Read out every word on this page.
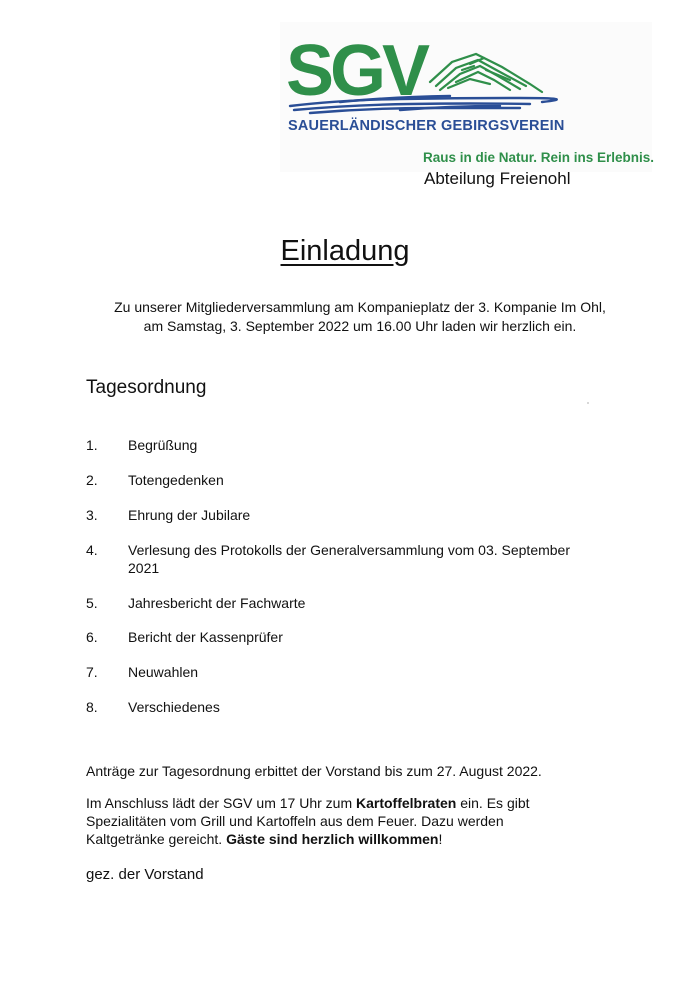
SGV
SAUERLÄNDISCHER GEBIRGSVEREIN
Raus in die Natur. Rein ins Erlebnis.
Abteilung Freienohl
Einladung

Zu unserer Mitgliederversammlung am Kompanieplatz der 3. Kompanie Im Ohl,

am Samstag, 3. September 2022 um 16.00 Uhr laden wir herzlich ein.

Tagesordnung
1. Begrüßung
2. Totengedenken
3. Ehrung der Jubilare
4. Verlesung des Protokolls der Generalversammlung vom 03. September 2021
5. Jahresbericht der Fachwarte
6. Bericht der Kassenprüfer
7. Neuwahlen
8. Verschiedenes
Anträge zur Tagesordnung erbittet der Vorstand bis zum 27. August 2022.
Im Anschluss lädt der SGV um 17 Uhr zum Kartoffelbraten ein. Es gibt Spezialitäten vom Grill und Kartoffeln aus dem Feuer. Dazu werden Kaltgetränke gereicht. Gäste sind herzlich willkommen!
gez. der Vorstand
